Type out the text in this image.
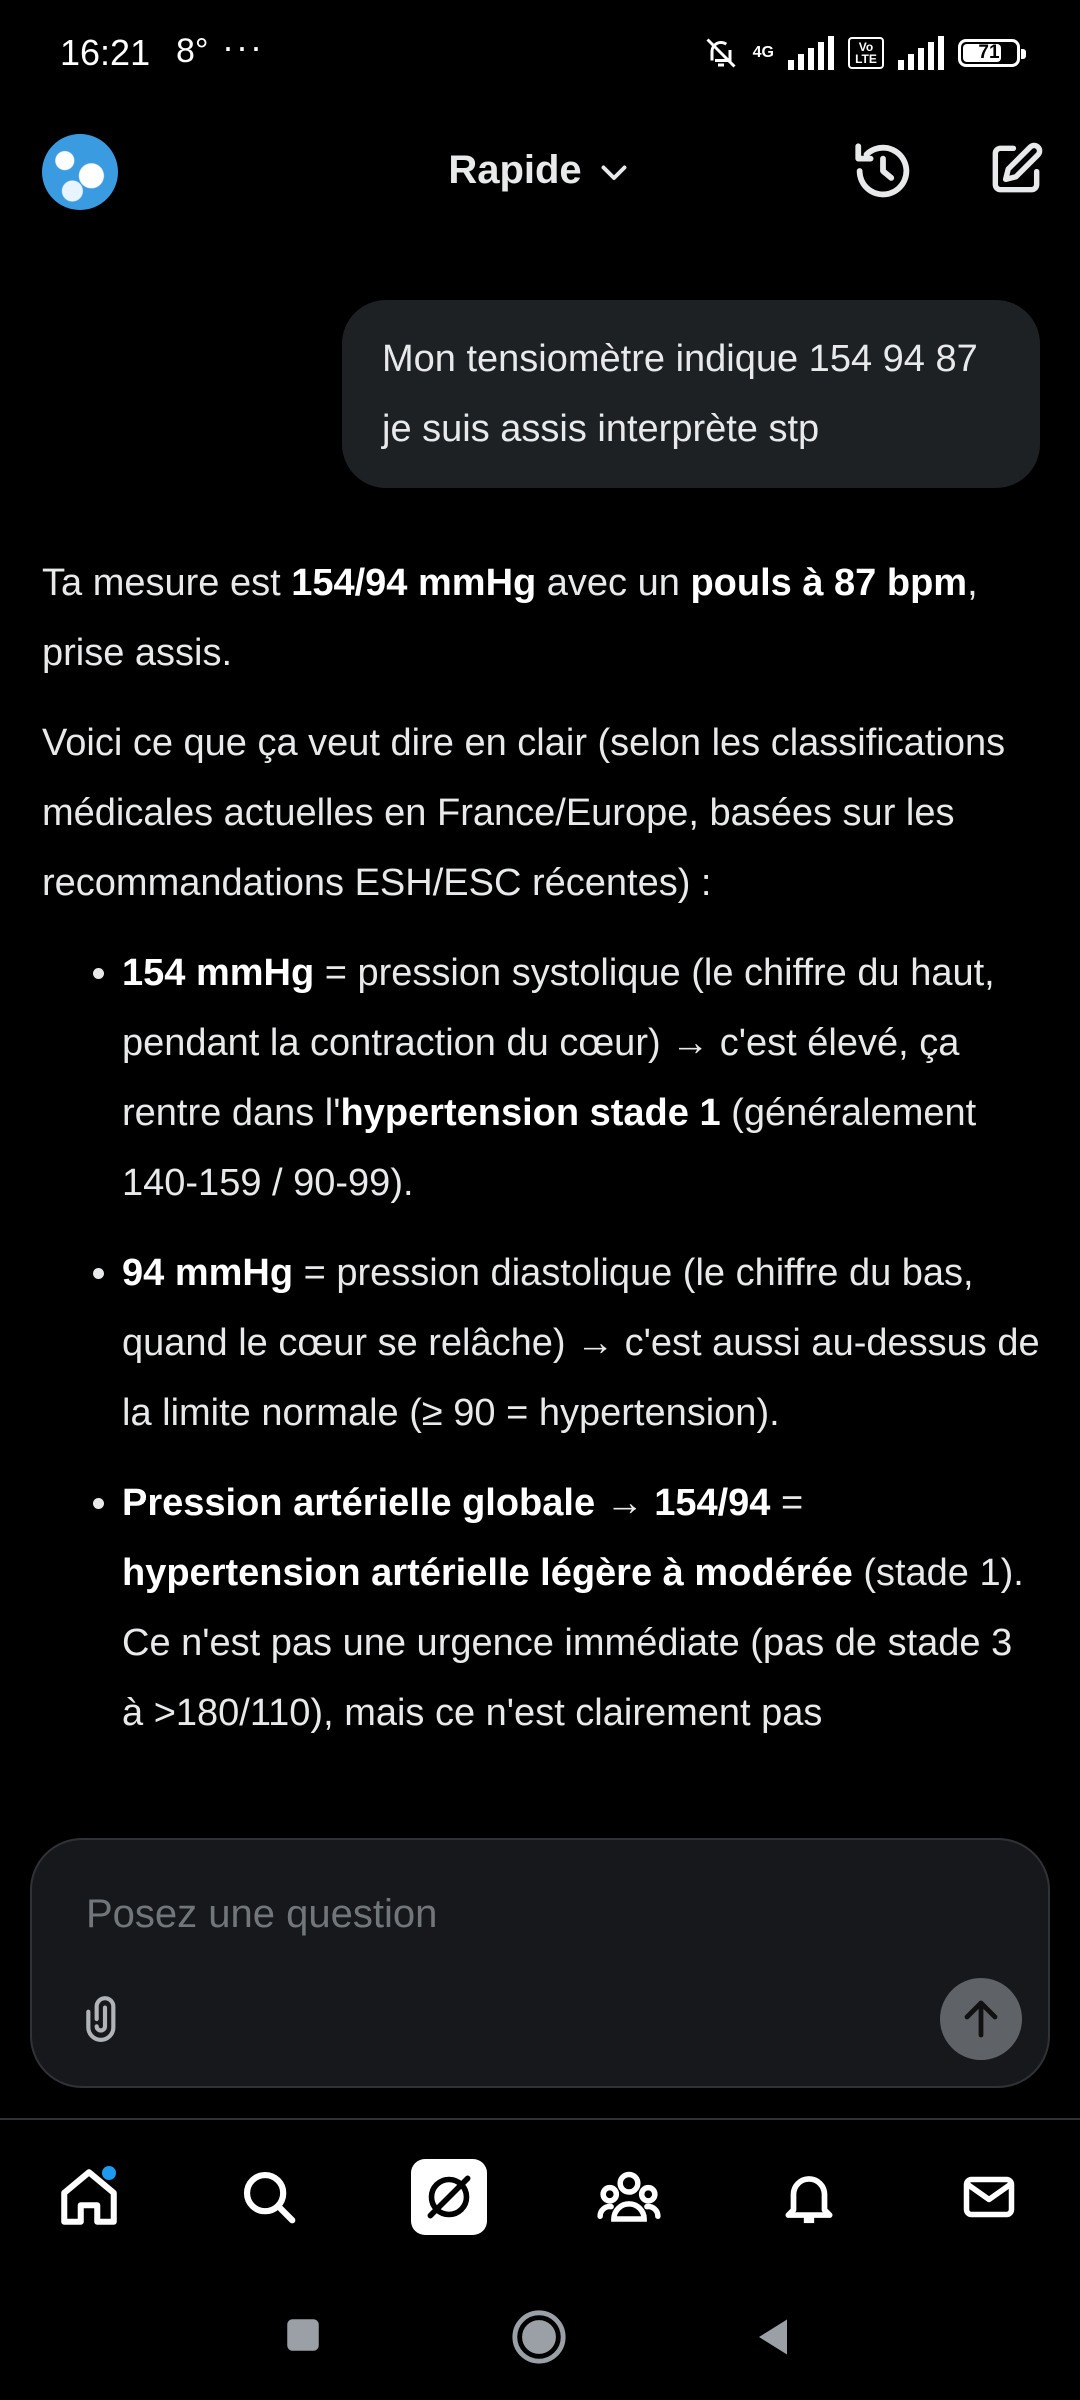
16:21 8° ···	4G	Vo LTE	71
Rapide
Mon tensiomètre indique 154 94 87 je suis assis interprète stp

Ta mesure est 154/94 mmHg avec un pouls à 87 bpm, prise assis.

Voici ce que ça veut dire en clair (selon les classifications médicales actuelles en France/Europe, basées sur les recommandations ESH/ESC récentes) :

• 154 mmHg = pression systolique (le chiffre du haut, pendant la contraction du cœur) → c'est élevé, ça rentre dans l'hypertension stade 1 (généralement 140-159 / 90-99).
• 94 mmHg = pression diastolique (le chiffre du bas, quand le cœur se relâche) → c'est aussi au-dessus de la limite normale (≥ 90 = hypertension).
• Pression artérielle globale → 154/94 = hypertension artérielle légère à modérée (stade 1). Ce n'est pas une urgence immédiate (pas de stade 3 à >180/110), mais ce n'est clairement pas
Posez une question
